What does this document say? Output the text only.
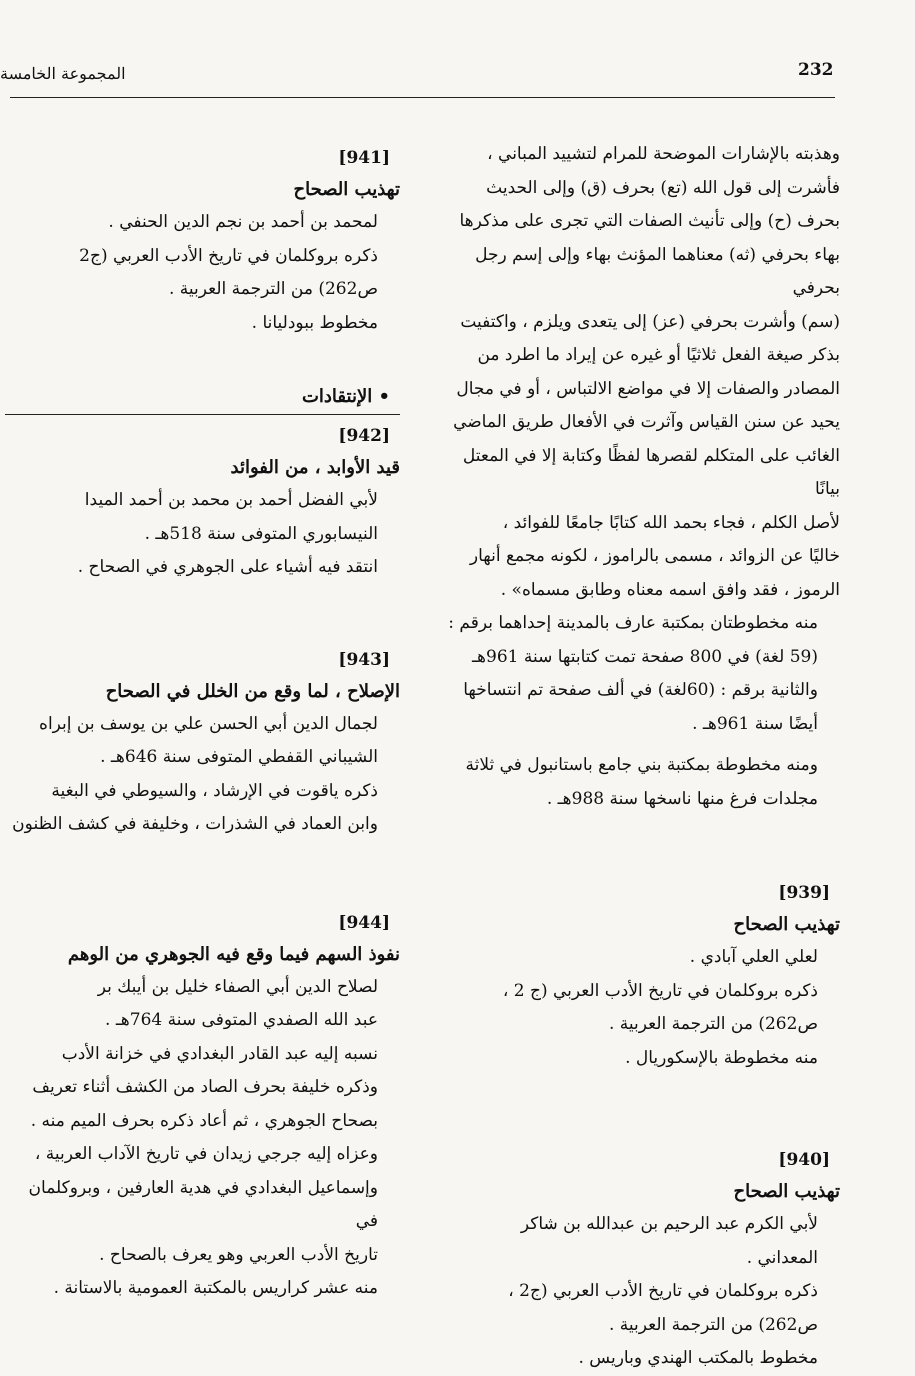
232
المجموعة الخامسة

وهذبته بالإشارات الموضحة للمرام لتشييد المباني ،
فأشرت إلى قول الله (تع) بحرف (ق) وإلى الحديث
بحرف (ح) وإلى تأنيث الصفات التي تجرى على مذكرها
بهاء بحرفي (ثه) معناهما المؤنث بهاء وإلى إسم رجل بحرفي
(سم) وأشرت بحرفي (عز) إلى يتعدى ويلزم ، واكتفيت
بذكر صيغة الفعل ثلاثيًا أو غيره عن إيراد ما اطرد من
المصادر والصفات إلا في مواضع الالتباس ، أو في مجال
يحيد عن سنن القياس وآثرت في الأفعال طريق الماضي
الغائب على المتكلم لقصرها لفظًا وكتابة إلا في المعتل بيانًا
لأصل الكلم ، فجاء بحمد الله كتابًا جامعًا للفوائد ،
خاليًا عن الزوائد ، مسمى بالراموز ، لكونه مجمع أنهار
الرموز ، فقد وافق اسمه معناه وطابق مسماه» .

منه مخطوطتان بمكتبة عارف بالمدينة إحداهما برقم :
(59 لغة) في 800 صفحة تمت كتابتها سنة 961هـ
والثانية برقم : (60لغة) في ألف صفحة تم انتساخها
أيضًا سنة 961هـ .

ومنه مخطوطة بمكتبة بني جامع باستانبول في ثلاثة
مجلدات فرغ منها ناسخها سنة 988هـ .

[939]

تهذيب الصحاح

لعلي العلي آبادي .

ذكره بروكلمان في تاريخ الأدب العربي (ج 2 ،
ص262) من الترجمة العربية .

منه مخطوطة بالإسكوريال .

[940]

تهذيب الصحاح

لأبي الكرم عبد الرحيم بن عبدالله بن شاكر
المعداني .

ذكره بروكلمان في تاريخ الأدب العربي (ج2 ،
ص262) من الترجمة العربية .

مخطوط بالمكتب الهندي وباريس .

[941]

تهذيب الصحاح

لمحمد بن أحمد بن نجم الدين الحنفي .

ذكره بروكلمان في تاريخ الأدب العربي (ج2
ص262) من الترجمة العربية .

مخطوط ببودليانا .

• الإنتقادات

[942]

قيد الأوابد ، من الفوائد

لأبي الفضل أحمد بن محمد بن أحمد الميدا
النيسابوري المتوفى سنة 518هـ .

انتقد فيه أشياء على الجوهري في الصحاح .

[943]

الإصلاح ، لما وقع من الخلل في الصحاح

لجمال الدين أبي الحسن علي بن يوسف بن إبراه
الشيباني القفطي المتوفى سنة 646هـ .

ذكره ياقوت في الإرشاد ، والسيوطي في البغية
وابن العماد في الشذرات ، وخليفة في كشف الظنون

[944]

نفوذ السهم فيما وقع فيه الجوهري من الوهم

لصلاح الدين أبي الصفاء خليل بن أيبك بر
عبد الله الصفدي المتوفى سنة 764هـ .

نسبه إليه عبد القادر البغدادي في خزانة الأدب
وذكره خليفة بحرف الصاد من الكشف أثناء تعريف
بصحاح الجوهري ، ثم أعاد ذكره بحرف الميم منه .

وعزاه إليه جرجي زيدان في تاريخ الآداب العربية ،
وإسماعيل البغدادي في هدية العارفين ، وبروكلمان في
تاريخ الأدب العربي وهو يعرف بالصحاح .

منه عشر كراريس بالمكتبة العمومية بالاستانة .
